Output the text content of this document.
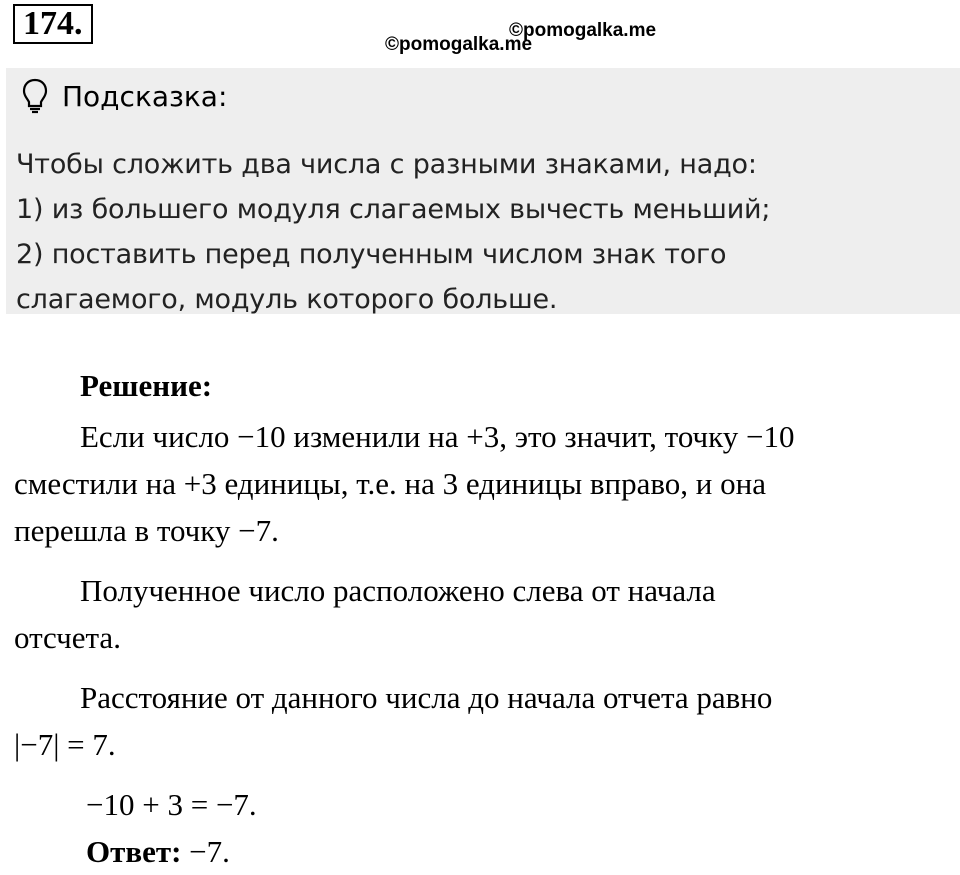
174 .	©pomogalka.me
©pomogalka.me
Подсказка:
Чтобы сложить два числа с разными знаками, надо:
1) из большего модуля слагаемых вычесть меньший;
2) поставить перед полученным числом знак того
слагаемого, модуль которого больше.
Решение:
Если число −10 изменили на +3, это значит, точку −10
сместили на +3 единицы, т.е. на 3 единицы вправо, и она
перешла в точку −7.
Полученное число расположено слева от начала
отсчета.
Расстояние от данного числа до начала отчета равно
|−7| = 7.
−10 + 3 = −7.
Ответ: −7.
